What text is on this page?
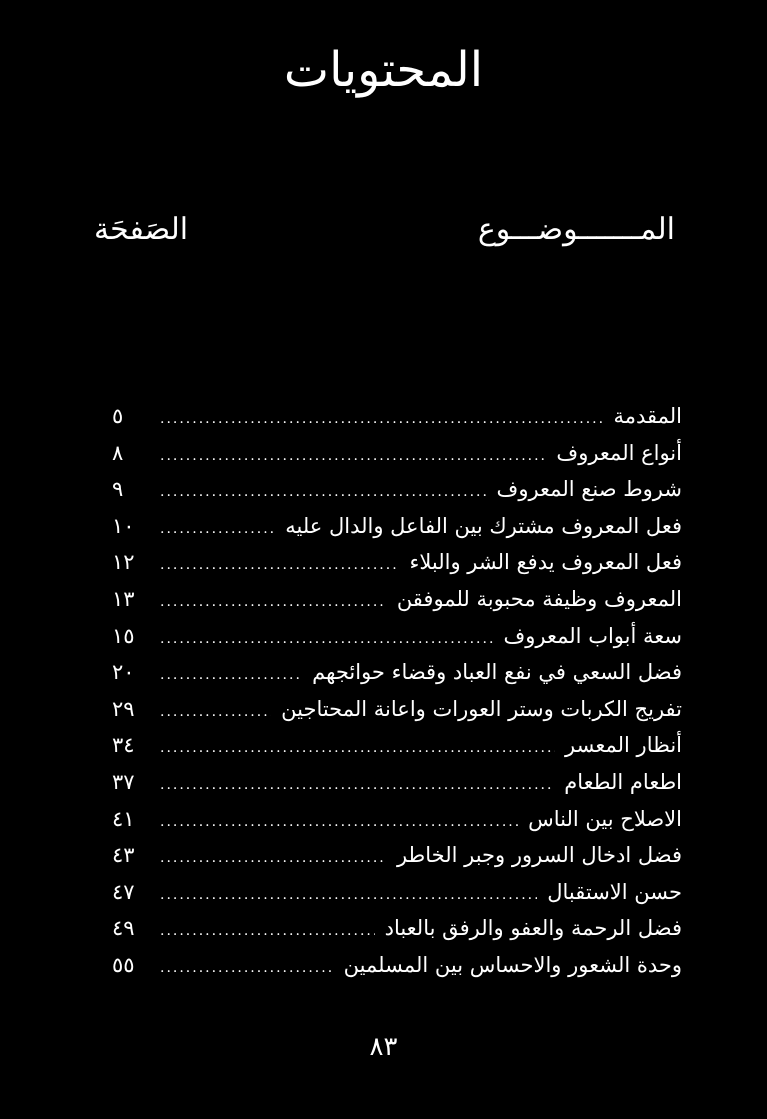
المحتويات
المـــــــوضـــوع
الصَفحَة
المقدمة
.....
٥
أنواع المعروف
.....
٨
شروط صنع المعروف
.....
٩
فعل المعروف مشترك بين الفاعل والدال عليه
.....
١٠
فعل المعروف يدفع الشر والبلاء
.....
١٢
المعروف وظيفة محبوبة للموفقن
.....
١٣
سعة أبواب المعروف
.....
١٥
فضل السعي في نفع العباد وقضاء حوائجهم
.....
٢٠
تفريج الكربات وستر العورات واعانة المحتاجين
.....
٢٩
أنظار المعسر
.....
٣٤
اطعام الطعام
.....
٣٧
الاصلاح بين الناس
.....
٤١
فضل ادخال السرور وجبر الخاطر
.....
٤٣
حسن الاستقبال
.....
٤٧
فضل الرحمة والعفو والرفق بالعباد
.....
٤٩
وحدة الشعور والاحساس بين المسلمين
.....
٥٥
٨٣
